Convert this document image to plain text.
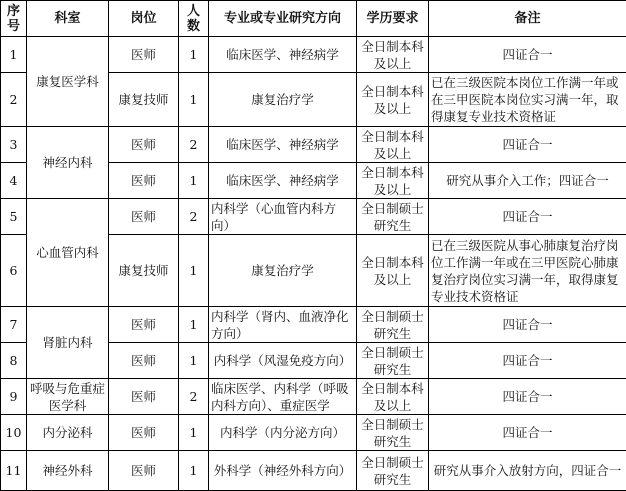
序号	科室	岗位	人数	专业或专业研究方向	学历要求	备注
1	康复医学科	医师	1	临床医学、神经病学	全日制本科及以上	四证合一
2		康复技师	1	康复治疗学	全日制本科及以上	已在三级医院本岗位工作满一年或在三甲医院本岗位实习满一年，取得康复专业技术资格证
3	神经内科	医师	2	临床医学、神经病学	全日制本科及以上	四证合一
4		医师	1	临床医学、神经病学	全日制本科及以上	研究从事介入工作；四证合一
5	心血管内科	医师	2	内科学（心血管内科方向）	全日制硕士研究生	四证合一
6		康复技师	1	康复治疗学	全日制本科及以上	已在三级医院从事心肺康复治疗岗位工作满一年或在三甲医院心肺康复治疗岗位实习满一年，取得康复专业技术资格证
7	肾脏内科	医师	1	内科学（肾内、血液净化方向）	全日制硕士研究生	四证合一
8		医师	1	内科学（风湿免疫方向）	全日制硕士研究生	四证合一
9	呼吸与危重症医学科	医师	2	临床医学、内科学（呼吸内科方向）、重症医学	全日制本科及以上	四证合一
10	内分泌科	医师	1	内科学（内分泌方向）	全日制硕士研究生	四证合一
11	神经外科	医师	1	外科学（神经外科方向）	全日制硕士研究生	研究从事介入放射方向，四证合一
